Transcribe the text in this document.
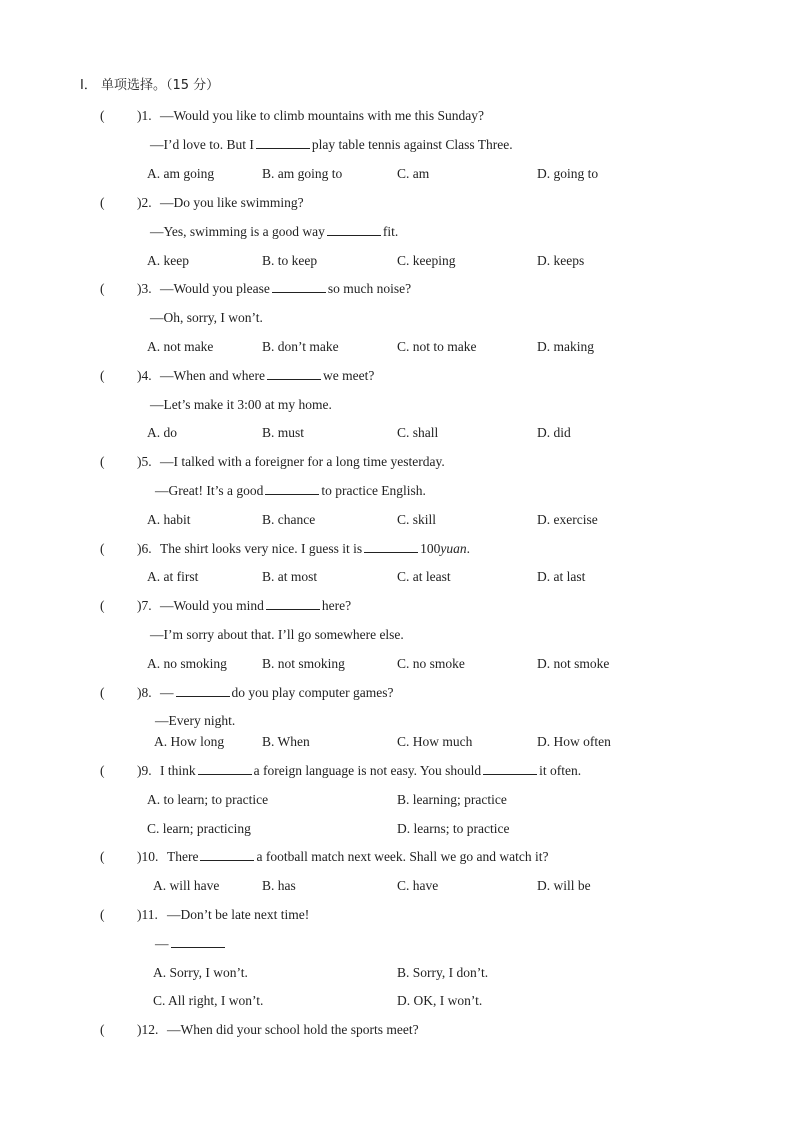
Ⅰ． 单项选择。（15 分）
( )1. —Would you like to climb mountains with me this Sunday?
—I’d love to. But I	play table tennis against Class Three.
A. am going	B. am going to	C. am	D. going to
( )2. —Do you like swimming?
—Yes, swimming is a good way	fit.
A. keep	B. to keep	C. keeping	D. keeps
( )3. —Would you please	so much noise?
—Oh, sorry, I won’t.
A. not make	B. don’t make	C. not to make	D. making
( )4. —When and where	we meet?
—Let’s make it 3:00 at my home.
A. do	B. must	C. shall	D. did
( )5. —I talked with a foreigner for a long time yesterday.
—Great! It’s a good	to practice English.
A. habit	B. chance	C. skill	D. exercise
( )6. The shirt looks very nice. I guess it is	100yuan.
A. at first	B. at most	C. at least	D. at last
( )7. —Would you mind	here?
—I’m sorry about that. I’ll go somewhere else.
A. no smoking	B. not smoking	C. no smoke	D. not smoke
( )8. —	do you play computer games?
—Every night.
A. How long	B. When	C. How much	D. How often
( )9. I think	a foreign language is not easy. You should	it often.
A. to learn; to practice	B. learning; practice
C. learn; practicing	D. learns; to practice
( )10. There	a football match next week. Shall we go and watch it?
A. will have	B. has	C. have	D. will be
( )11. —Don’t be late next time!
—
A. Sorry, I won’t.	B. Sorry, I don’t.
C. All right, I won’t.	D. OK, I won’t.
( )12. —When did your school hold the sports meet?
